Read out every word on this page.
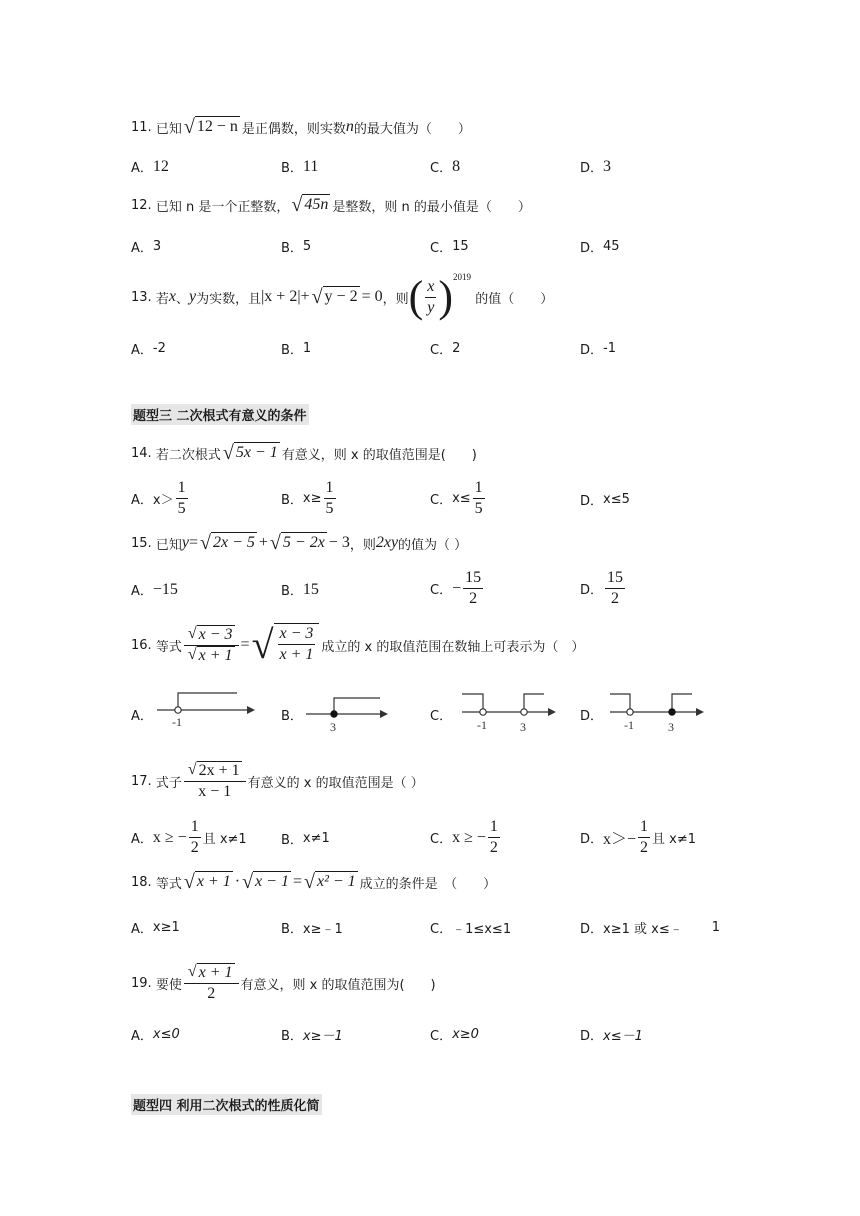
11.
已知 √ 12 − n 是正偶数，则实数 n 的最大值为（　　）
A． 12	B． 11	C． 8	D． 3
12.
已知 n 是一个正整数， √ 45n 是整数，则 n 的最小值是（　　）
A． 3	B． 5	C． 15	D． 45
13.
若 x 、 y 为实数，且 |x + 2| + √ y − 2 = 0 ，则 ( $\frac{x}{y} )^{2019}$

的值（　　）
A． -2	B． 1	C． 2	D． -1
题型三 二次根式有意义的条件
14.
若二次根式 √ 5x − 1 有意义，则 x 的取值范围是(　　)
A． $x> \frac{1}{5}$	B． $x\ge \frac{1}{5}$	C． $x\le \frac{1}{5}$	D． x≤5
15.
已知 y = √ 2x − 5 + √ 5 − 2x − 3 ，则 2xy 的值为（ ）
A． −15	B． 15	C． − $\frac{15}{2}$	D． $\frac{15}{2}$
16.
等式 $\frac{√ x - 3}{√ x + 1}$ = √ $\frac{x - 3}{x + 1}$ 成立的 x 的取值范围在数轴上可表示为（　）
A． -1	B．
3
C．
-1	3
D．
-1	3
17.
式子 $\frac{√ 2x + 1}{x - 1}$ 有意义的 x 的取值范围是（ ）
A． x ≥ − $\frac{1}{2}$ 且 x≠1	B． x≠1	C． x ≥ − $\frac{1}{2}$	D． $x>- \frac{1}{2}$ 且 x≠1
18.
等式 √ x + 1 · √ x − 1 = √ x² − 1 成立的条件是　（　　）
A． x≥1	B． x≥﹣1	C． ﹣1≤x≤1	D． x≥1 或 x≤﹣ 1
19.
要使 $\frac{√ x + 1}{2}$ 有意义，则 x 的取值范围为(　　)
A． x≤0	B． x≥－1	C． x≥0	D． x≤－1
题型四 利用二次根式的性质化简
